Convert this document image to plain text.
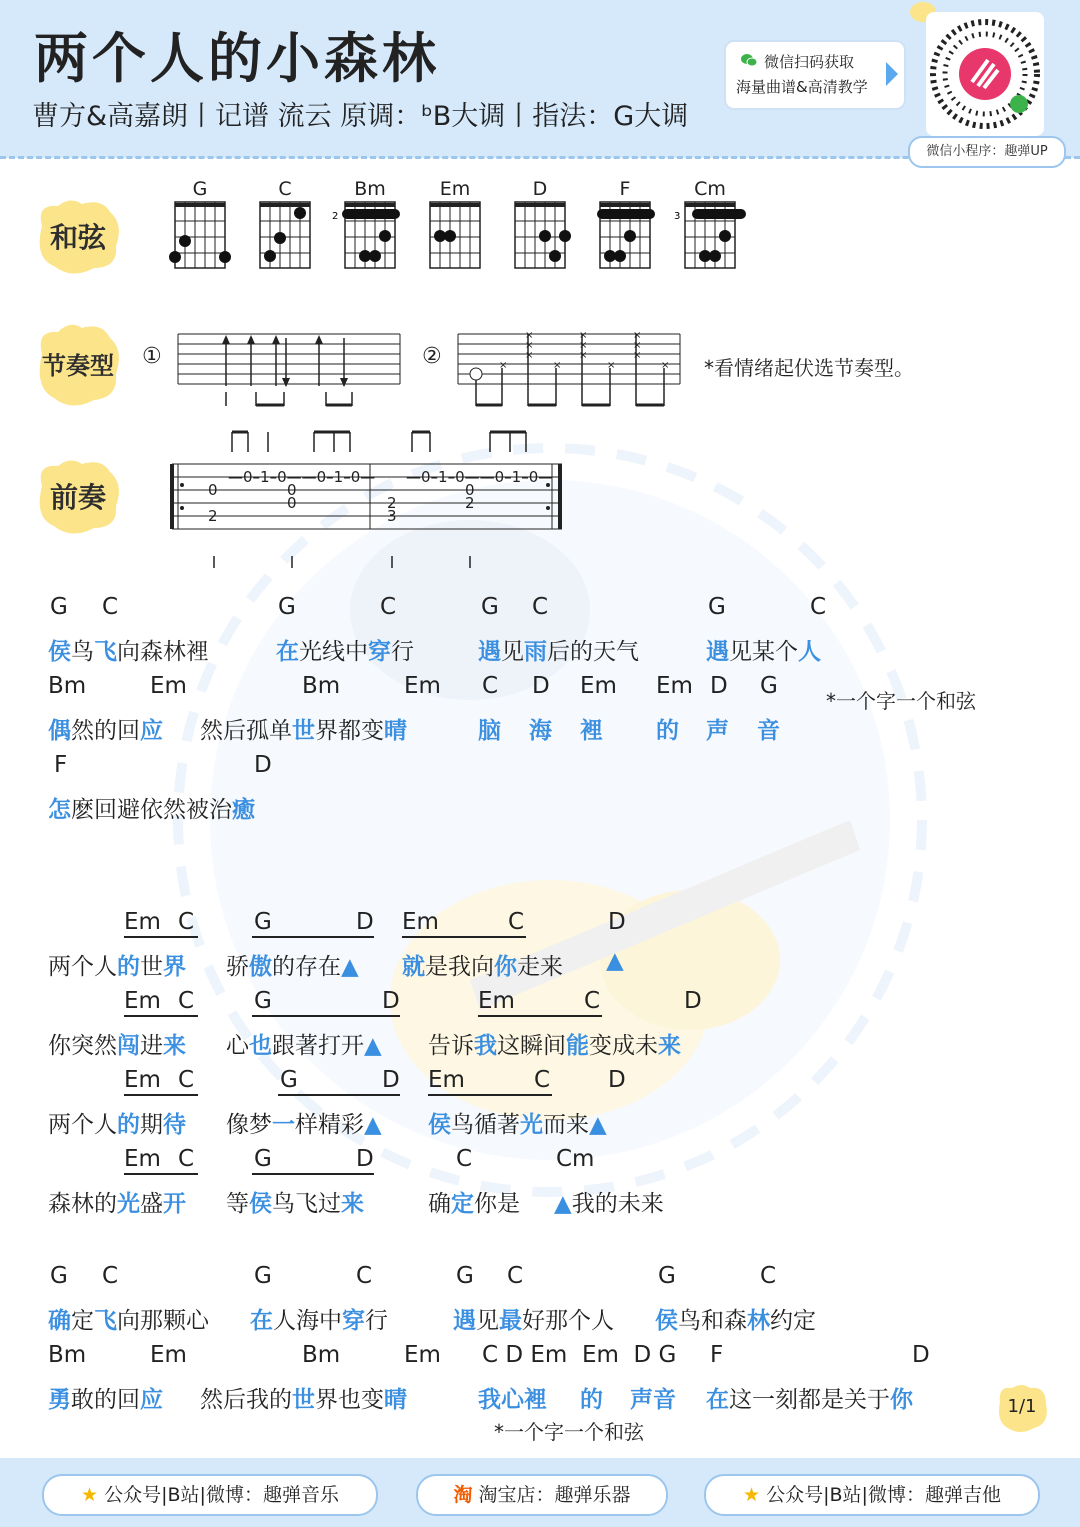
两个人的小森林
曹方&高嘉朗丨记谱 流云 原调：ᵇB大调丨指法：G大调
微信扫码获取
海量曲谱&高清教学
微信小程序：趣弹UP
和弦
节奏型
前奏
G	C	Bm	Em	D	F	Cm
2	3
①	②	×
×
×
×
×
×
×
×
×
×
×
×
× *看情绪起伏选节奏型。
—0–1–0——0–1–0—
0	0
0
2
—0–1–0——0–1–0—
0
2	2
3
G C	G	C	G C	G	C
侯鸟飞向森林裡	在光线中穿行	遇见雨后的天气	遇见某个人
Bm	Em	Bm	Em C D Em Em D G
偶然的回应 然后孤单世界都变晴	脑 海 裡 的 声 音
*一个字一个和弦
F	D
怎麽回避依然被治癒
Em C	G	D Em	C	D
两个人的世界 骄傲的存在▲ 就是我向你走来 ▲
Em C	G	D	Em	C	D
你突然闯进来 心也跟著打开▲ 告诉我这瞬间能变成未来
Em C	G	D Em	C	D
两个人的期待 像梦一样精彩▲ 侯鸟循著光而来▲
Em C	G	D	C	Cm
森林的光盛开 等侯鸟飞过来	确定你是 ▲我的未来
G C	G	C	G C	G	C
确定飞向那颗心 在人海中穿行	遇见最好那个人 侯鸟和森林约定
Bm	Em	Bm	Em C D Em  Em  D G F	D
勇敢的回应 然后我的世界也变晴	我心裡 的 声音 在这一刻都是关于你
*一个字一个和弦
1/1
★ 公众号|B站|微博：趣弹音乐	淘 淘宝店：趣弹乐器	★ 公众号|B站|微博：趣弹吉他
